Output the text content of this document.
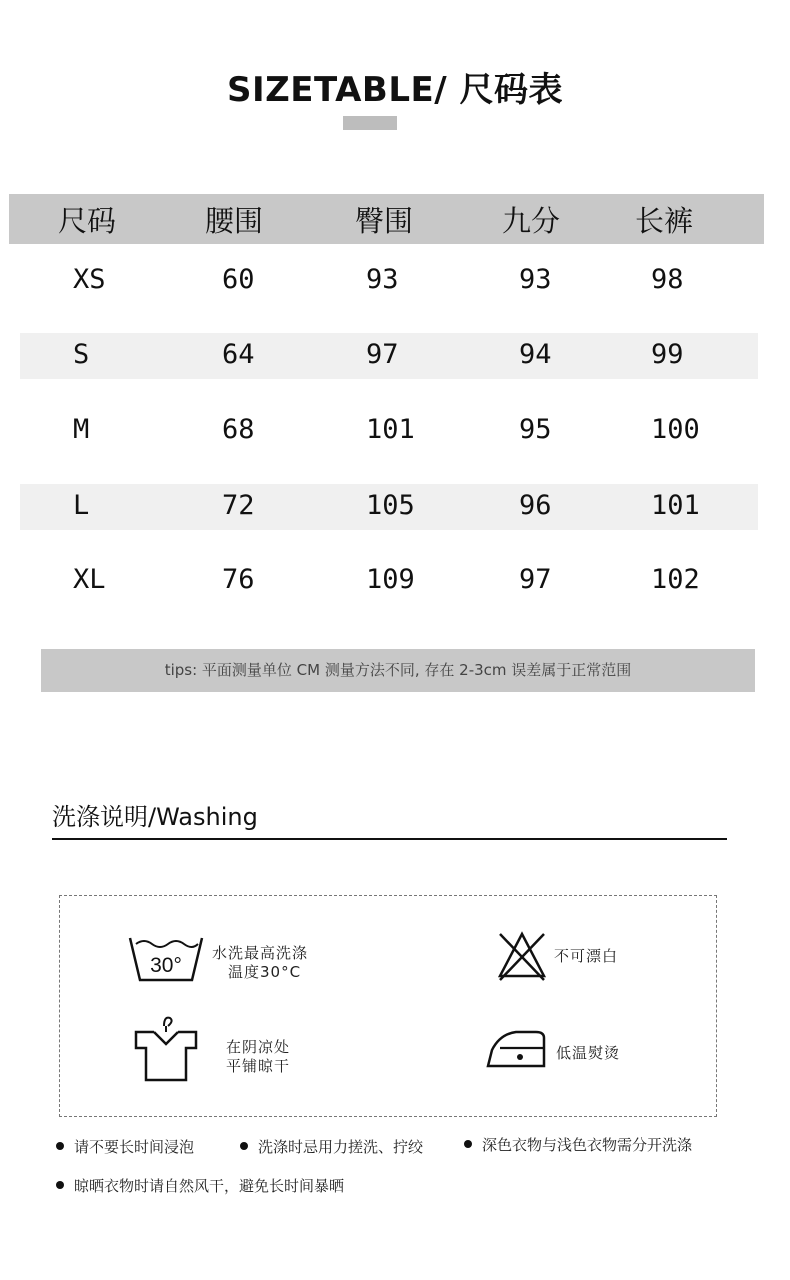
SIZETABLE/ 尺码表
尺码	腰围	臀围	九分	长裤
XS	60	93	93	98
S	64	97	94	99
M	68	101	95	100
L	72	105	96	101
XL	76	109	97	102
tips: 平面测量单位 CM 测量方法不同, 存在 2-3cm 误差属于正常范围
洗涤说明/Washing
30°
水洗最高洗涤
温度30°C
不可漂白
在阴凉处
平铺晾干
低温熨烫
请不要长时间浸泡	洗涤时忌用力搓洗、拧绞	深色衣物与浅色衣物需分开洗涤
晾晒衣物时请自然风干，避免长时间暴晒
